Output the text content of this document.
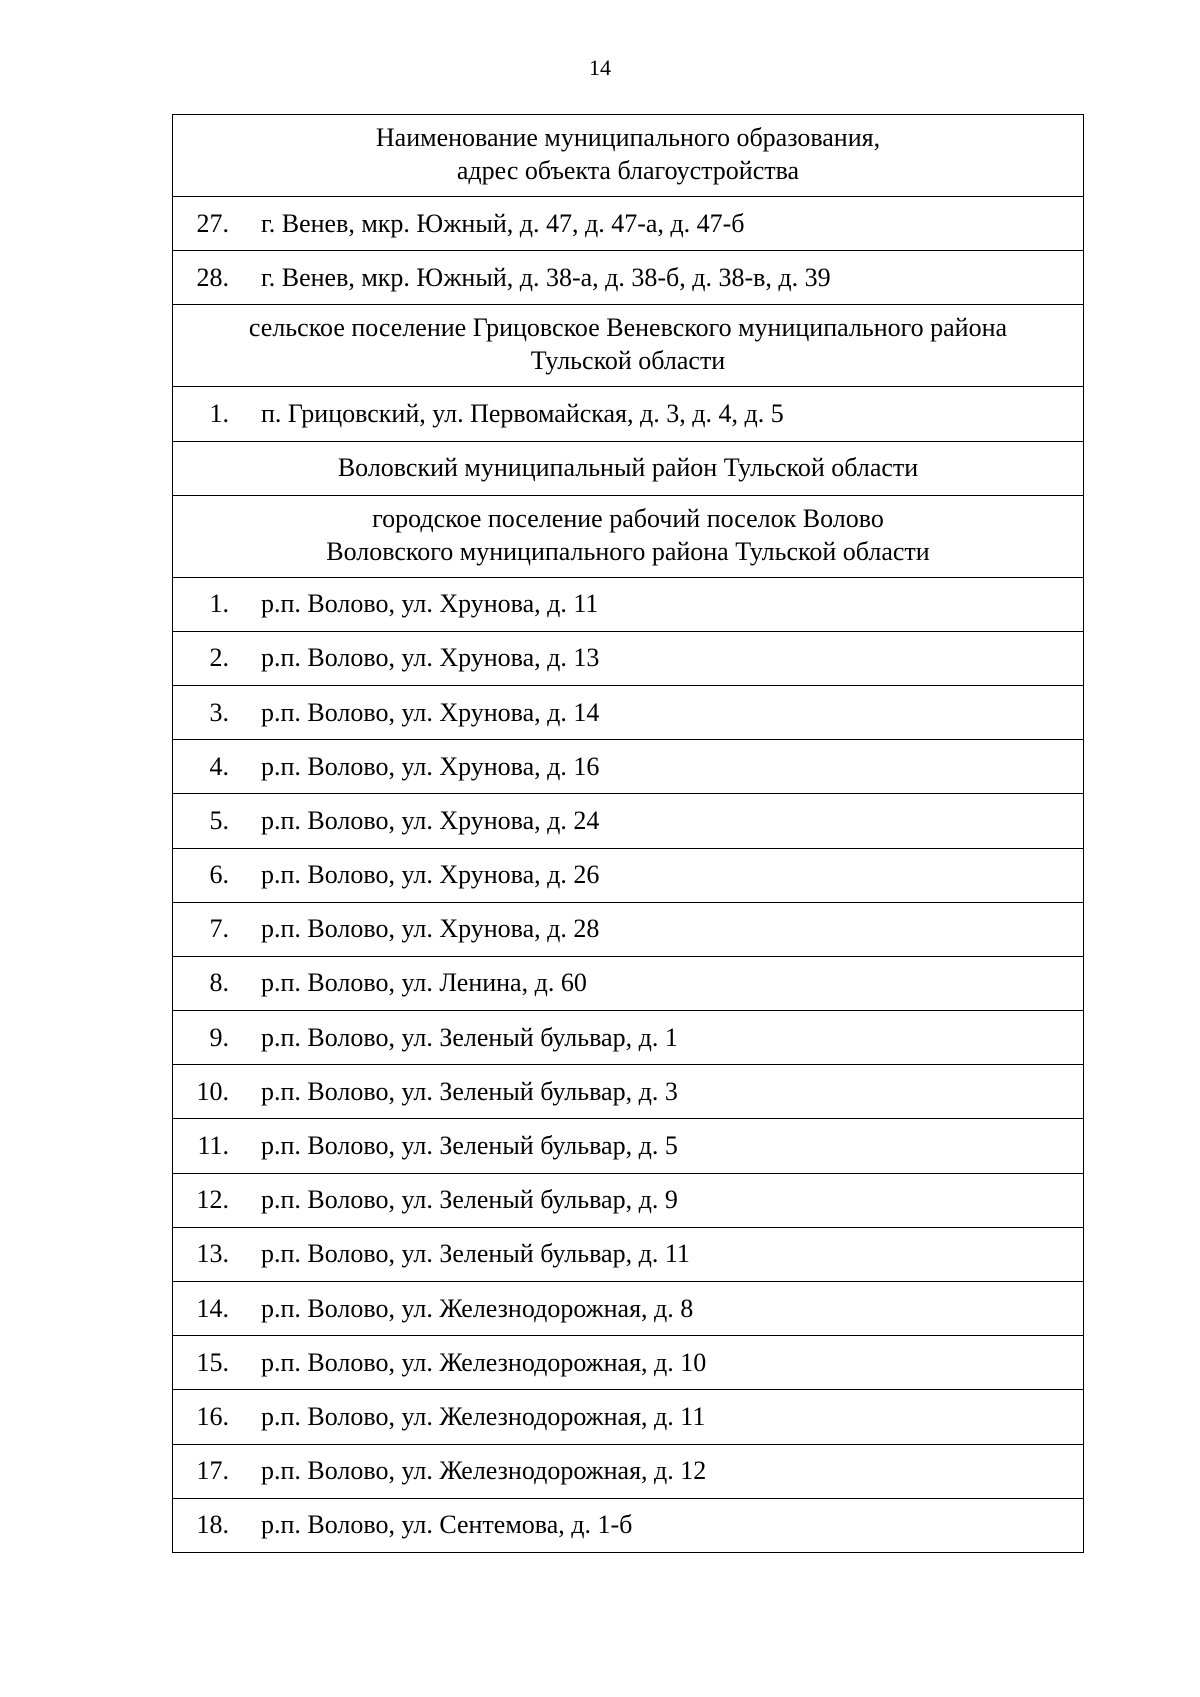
14
Наименование муниципального образования,
адрес объекта благоустройства

27.	г. Венев, мкр. Южный, д. 47, д. 47-а, д. 47-б

28.	г. Венев, мкр. Южный, д. 38-а, д. 38-б, д. 38-в, д. 39

сельское поселение Грицовское Веневского муниципального района
Тульской области

1.	п. Грицовский, ул. Первомайская, д. 3, д. 4, д. 5

Воловский муниципальный район Тульской области

городское поселение рабочий поселок Волово
Воловского муниципального района Тульской области

1.	р.п. Волово, ул. Хрунова, д. 11

2.	р.п. Волово, ул. Хрунова, д. 13

3.	р.п. Волово, ул. Хрунова, д. 14

4.	р.п. Волово, ул. Хрунова, д. 16

5.	р.п. Волово, ул. Хрунова, д. 24

6.	р.п. Волово, ул. Хрунова, д. 26

7.	р.п. Волово, ул. Хрунова, д. 28

8.	р.п. Волово, ул. Ленина, д. 60

9.	р.п. Волово, ул. Зеленый бульвар, д. 1

10.	р.п. Волово, ул. Зеленый бульвар, д. 3

11.	р.п. Волово, ул. Зеленый бульвар, д. 5

12.	р.п. Волово, ул. Зеленый бульвар, д. 9

13.	р.п. Волово, ул. Зеленый бульвар, д. 11

14.	р.п. Волово, ул. Железнодорожная, д. 8

15.	р.п. Волово, ул. Железнодорожная, д. 10

16.	р.п. Волово, ул. Железнодорожная, д. 11

17.	р.п. Волово, ул. Железнодорожная, д. 12

18.	р.п. Волово, ул. Сентемова, д. 1-б
